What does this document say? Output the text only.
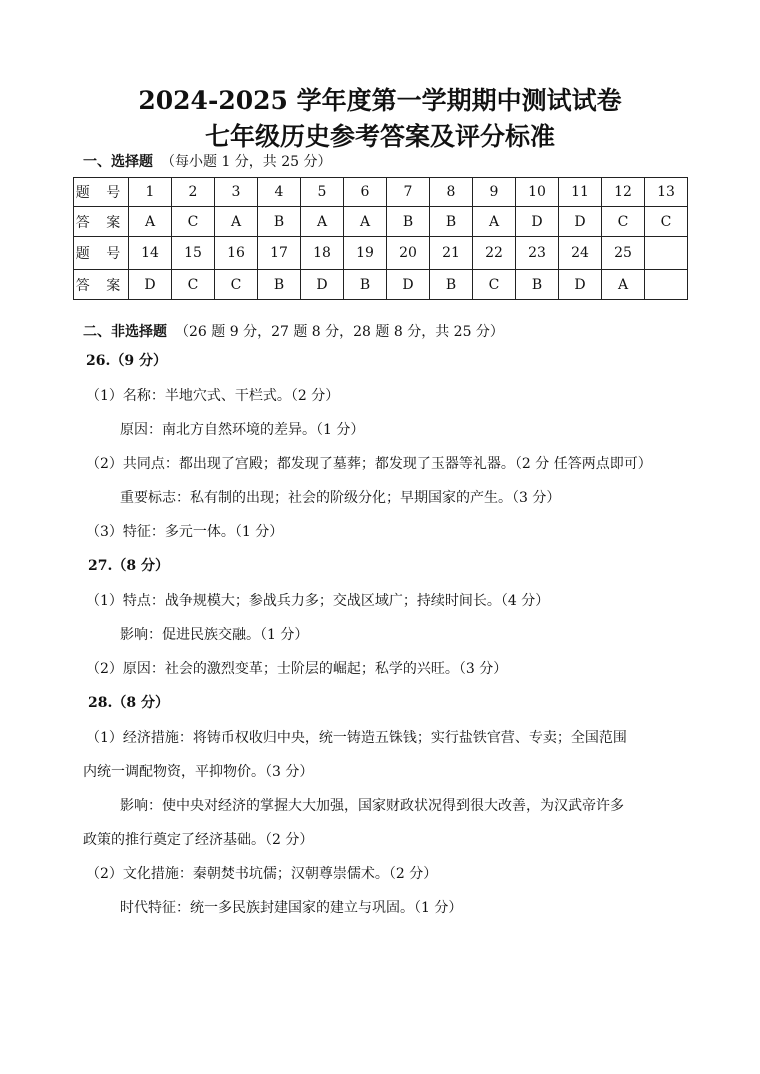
2024-2025 学年度第一学期期中测试试卷
七年级历史参考答案及评分标准
一、选择题 （每小题 1 分，共 25 分）
题 号	1	2	3	4	5	6	7	8	9	10	11	12	13
答 案	A	C	A	B	A	A	B	B	A	D	D	C	C
题 号	14	15	16	17	18	19	20	21	22	23	24	25	
答 案	D	C	C	B	D	B	D	B	C	B	D	A	
二、非选择题 （26 题 9 分，27 题 8 分，28 题 8 分，共 25 分）
26.（9 分）
（1）名称：半地穴式、干栏式。（2 分）
原因：南北方自然环境的差异。（1 分）
（2）共同点：都出现了宫殿；都发现了墓葬；都发现了玉器等礼器。（2 分 任答两点即可）
重要标志：私有制的出现；社会的阶级分化；早期国家的产生。（3 分）
（3）特征：多元一体。（1 分）
27.（8 分）
（1）特点：战争规模大；参战兵力多；交战区域广；持续时间长。（4 分）
影响：促进民族交融。（1 分）
（2）原因：社会的激烈变革；士阶层的崛起；私学的兴旺。（3 分）
28.（8 分）
（1）经济措施：将铸币权收归中央，统一铸造五铢钱；实行盐铁官营、专卖；全国范围
内统一调配物资，平抑物价。（3 分）
影响：使中央对经济的掌握大大加强，国家财政状况得到很大改善，为汉武帝许多
政策的推行奠定了经济基础。（2 分）
（2）文化措施：秦朝焚书坑儒；汉朝尊崇儒术。（2 分）
时代特征：统一多民族封建国家的建立与巩固。（1 分）
